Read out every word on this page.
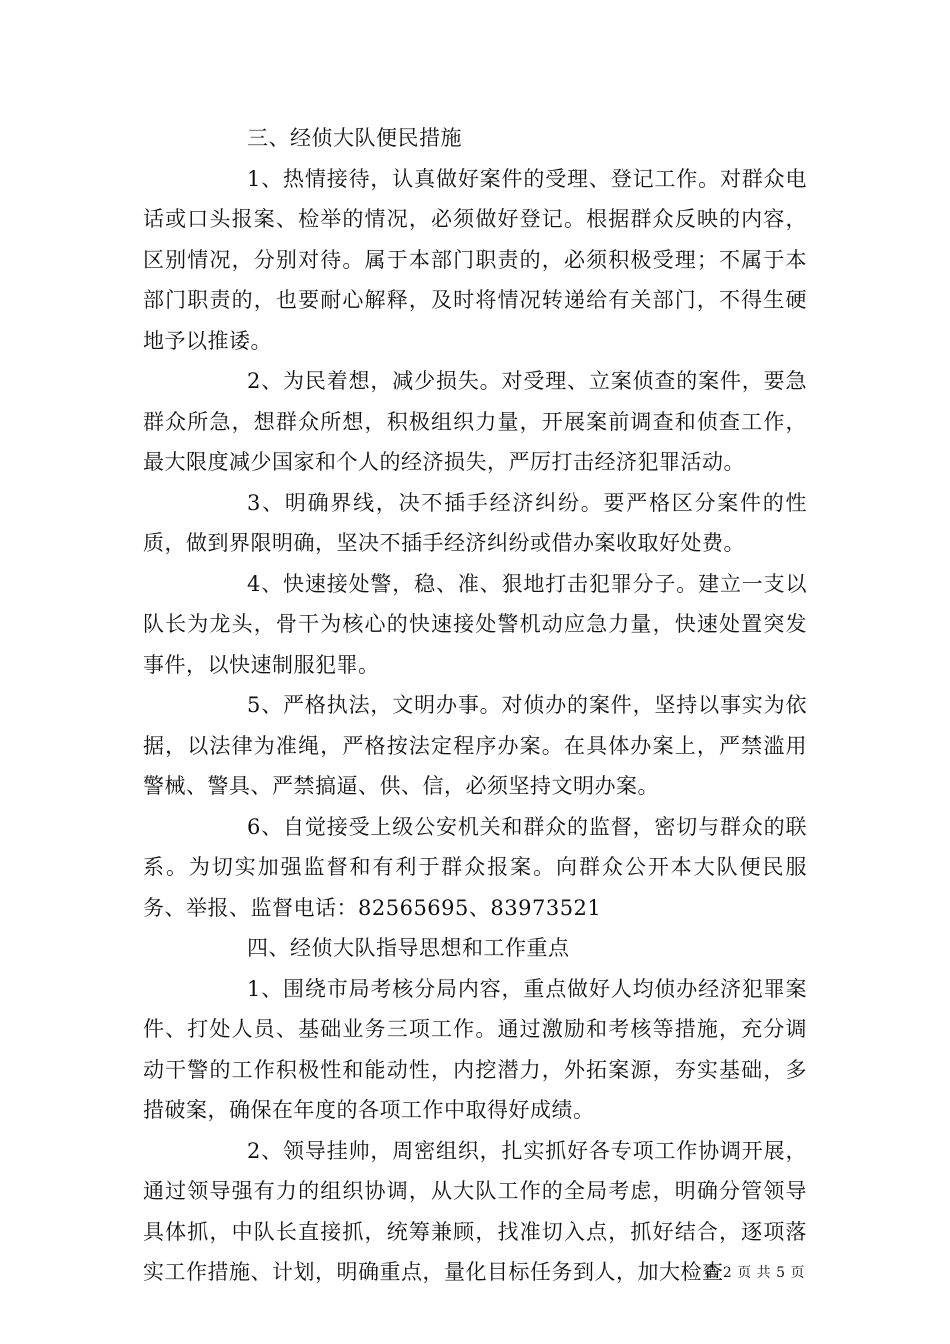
三、经侦大队便民措施

1、热情接待，认真做好案件的受理、登记工作。对群众电话或口头报案、检举的情况，必须做好登记。根据群众反映的内容，区别情况，分别对待。属于本部门职责的，必须积极受理；不属于本部门职责的，也要耐心解释，及时将情况转递给有关部门，不得生硬地予以推诿。

2、为民着想，减少损失。对受理、立案侦查的案件，要急群众所急，想群众所想，积极组织力量，开展案前调查和侦查工作，最大限度减少国家和个人的经济损失，严厉打击经济犯罪活动。

3、明确界线，决不插手经济纠纷。要严格区分案件的性质，做到界限明确，坚决不插手经济纠纷或借办案收取好处费。

4、快速接处警，稳、准、狠地打击犯罪分子。建立一支以队长为龙头，骨干为核心的快速接处警机动应急力量，快速处置突发事件，以快速制服犯罪。

5、严格执法，文明办事。对侦办的案件，坚持以事实为依据，以法律为准绳，严格按法定程序办案。在具体办案上，严禁滥用警械、警具、严禁搞逼、供、信，必须坚持文明办案。

6、自觉接受上级公安机关和群众的监督，密切与群众的联系。为切实加强监督和有利于群众报案。向群众公开本大队便民服务、举报、监督电话：82565695、83973521

四、经侦大队指导思想和工作重点

1、围绕市局考核分局内容，重点做好人均侦办经济犯罪案件、打处人员、基础业务三项工作。通过激励和考核等措施，充分调动干警的工作积极性和能动性，内挖潜力，外拓案源，夯实基础，多措破案，确保在年度的各项工作中取得好成绩。

2、领导挂帅，周密组织，扎实抓好各专项工作协调开展，通过领导强有力的组织协调，从大队工作的全局考虑，明确分管领导具体抓，中队长直接抓，统筹兼顾，找准切入点，抓好结合，逐项落实工作措施、计划，明确重点，量化目标任务到人，加大检查

第 2 页 共 5 页
